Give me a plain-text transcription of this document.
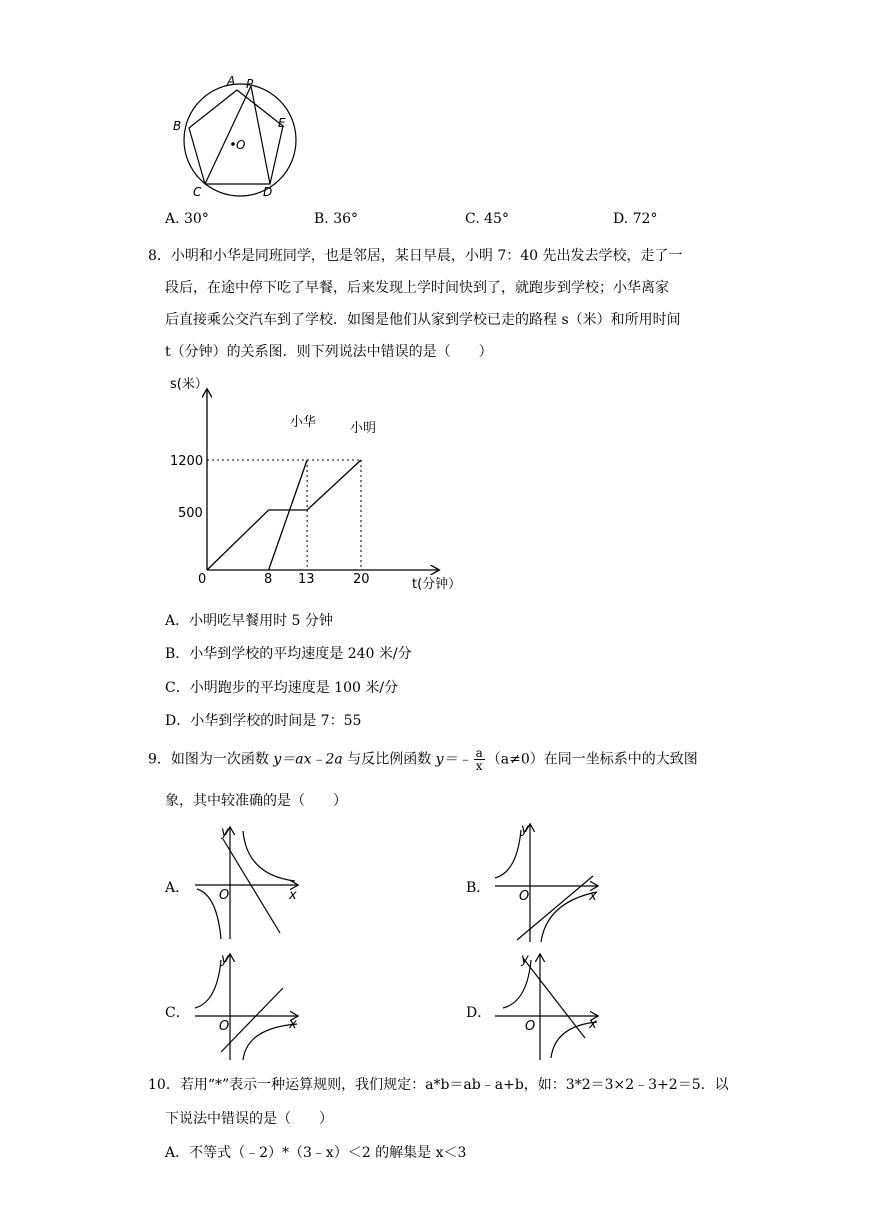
A P
B	E
O
C	D
A. 30°	B. 36°	C. 45°	D. 72°
8．小明和小华是同班同学，也是邻居，某日早晨，小明 7：40 先出发去学校，走了一
段后，在途中停下吃了早餐，后来发现上学时间快到了，就跑步到学校；小华离家
后直接乘公交汽车到了学校．如图是他们从家到学校已走的路程 s（米）和所用时间
t（分钟）的关系图．则下列说法中错误的是（　　）
s(米）
t(分钟）
1200
500
0	8 13	20
小华	小明
A．小明吃早餐用时 5 分钟
B．小华到学校的平均速度是 240 米/分
C．小明跑步的平均速度是 100 米/分
D．小华到学校的时间是 7：55
9．如图为一次函数 y＝ax﹣2a 与反比例函数 y＝﹣ $\frac{a}{x} (a\ne 0)$在同一坐标系中的大致图
象，其中较准确的是（　　）
A．	B．
C．	D．
y
x
O
y
x
O
y
x
O
y
x
O
10．若用“*”表示一种运算规则，我们规定：a*b＝ab﹣a+b，如：3*2＝3×2﹣3+2＝5．以
下说法中错误的是（　　）
A．不等式（﹣2）*（3﹣x）＜2 的解集是 x＜3
